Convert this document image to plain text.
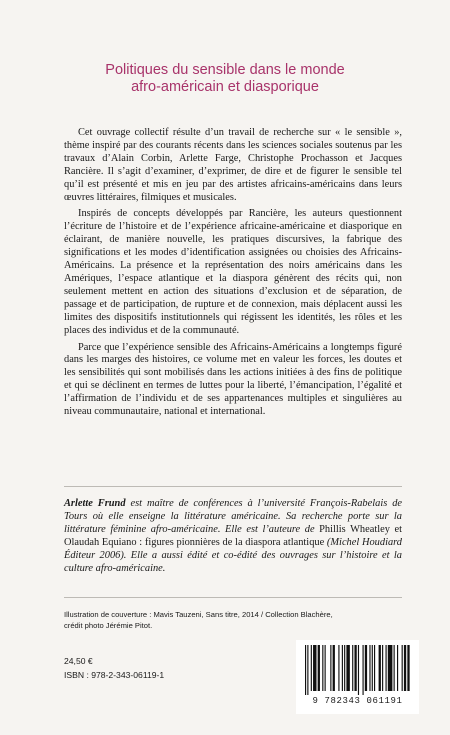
Politiques du sensible dans le monde
afro-américain et diasporique

Cet ouvrage collectif résulte d’un travail de recherche sur « le sensible », thème inspiré par des courants récents dans les sciences sociales soutenus par les travaux d’Alain Corbin, Arlette Farge, Christophe Prochasson et Jacques Rancière. Il s’agit d’examiner, d’exprimer, de dire et de figurer le sensible tel qu’il est présenté et mis en jeu par des artistes africains-américains dans leurs œuvres littéraires, filmiques et musicales.

Inspirés de concepts développés par Rancière, les auteurs questionnent l’écriture de l’histoire et de l’expérience africaine-américaine et diasporique en éclairant, de manière nouvelle, les pratiques discursives, la fabrique des significations et les modes d’identification assignées ou choisies des Africains-Américains. La présence et la représentation des noirs américains dans les Amériques, l’espace atlantique et la diaspora génèrent des récits qui, non seulement mettent en action des situations d’exclusion et de séparation, de passage et de participation, de rupture et de connexion, mais déplacent aussi les limites des dispositifs institutionnels qui régissent les identités, les rôles et les places des individus et de la communauté.

Parce que l’expérience sensible des Africains-Américains a longtemps figuré dans les marges des histoires, ce volume met en valeur les forces, les doutes et les sensibilités qui sont mobilisés dans les actions initiées à des fins de politique et qui se déclinent en termes de luttes pour la liberté, l’émancipation, l’égalité et l’affirmation de l’individu et de ses appartenances multiples et singulières au niveau communautaire, national et international.

Arlette Frund est maître de conférences à l’université François-Rabelais de Tours où elle enseigne la littérature américaine. Sa recherche porte sur la littérature féminine afro-américaine. Elle est l’auteure de Phillis Wheatley et Olaudah Equiano : figures pionnières de la diaspora atlantique (Michel Houdiard Éditeur 2006). Elle a aussi édité et co-édité des ouvrages sur l’histoire et la culture afro-américaine.
Illustration de couverture : Mavis Tauzeni, Sans titre, 2014 / Collection Blachère,
crédit photo Jérémie Pitot.
24,50 €
ISBN : 978-2-343-06119-1
9 782343 061191
